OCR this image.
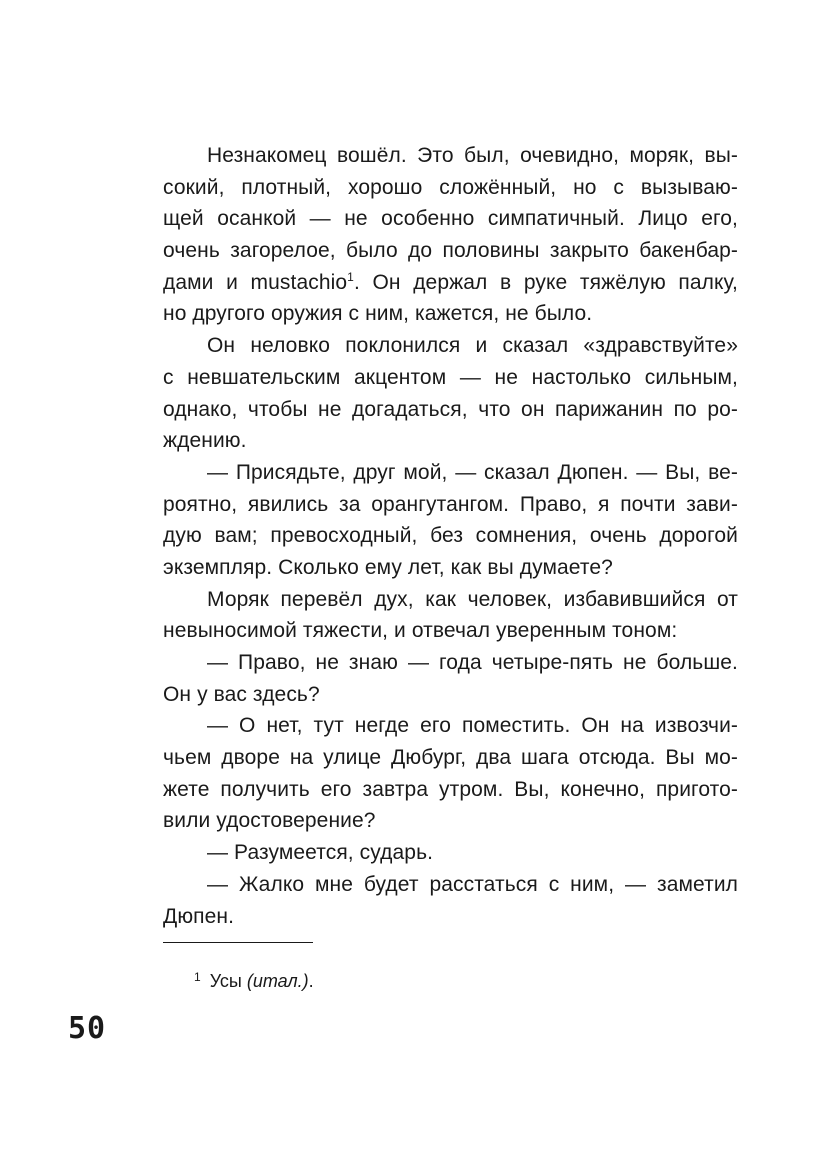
Незнакомец вошёл. Это был, очевидно, моряк, вы-
сокий, плотный, хорошо сложённый, но с вызываю-
щей осанкой — не особенно симпатичный. Лицо его,
очень загорелое, было до половины закрыто бакенбар-
дами и mustachio$^1$. Он держал в руке тяжёлую палку,
но другого оружия с ним, кажется, не было.
Он неловко поклонился и сказал «здравствуйте»
с невшательским акцентом — не настолько сильным,
однако, чтобы не догадаться, что он парижанин по ро-
ждению.
— Присядьте, друг мой, — сказал Дюпен. — Вы, ве-
роятно, явились за орангутангом. Право, я почти зави-
дую вам; превосходный, без сомнения, очень дорогой
экземпляр. Сколько ему лет, как вы думаете?
Моряк перевёл дух, как человек, избавившийся от
невыносимой тяжести, и отвечал уверенным тоном:
— Право, не знаю — года четыре-пять не больше.
Он у вас здесь?
— О нет, тут негде его поместить. Он на извозчи-
чьем дворе на улице Дюбург, два шага отсюда. Вы мо-
жете получить его завтра утром. Вы, конечно, пригото-
вили удостоверение?
— Разумеется, сударь.
— Жалко мне будет расстаться с ним, — заметил
Дюпен.
$^1$ Усы (итал.).
50
